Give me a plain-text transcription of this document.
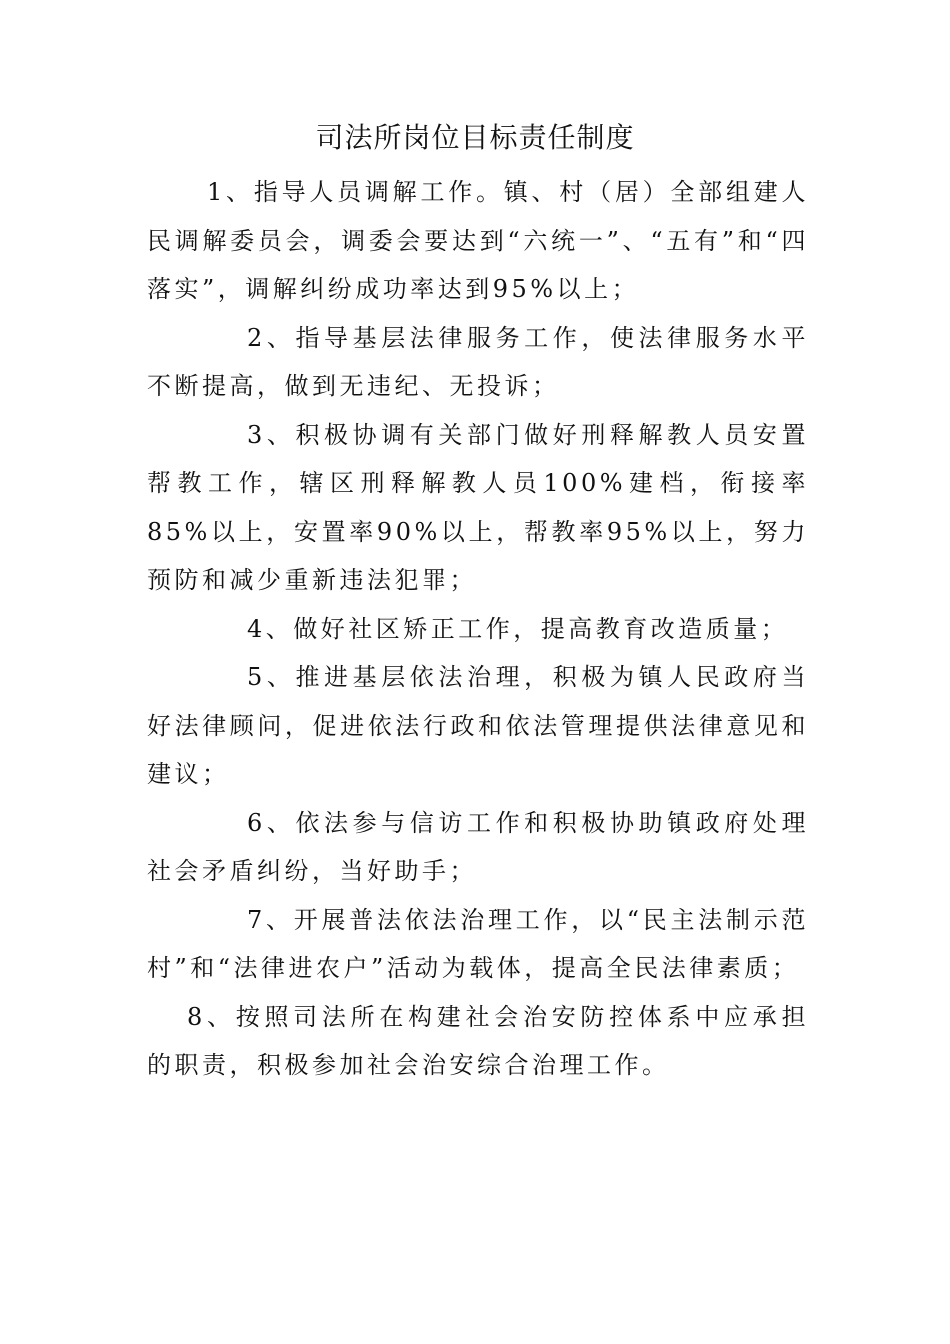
司法所岗位目标责任制度

1、指导人员调解工作。镇、村（居）全部组建人民调解委员会，调委会要达到“六统一”、“五有”和“四落实”，调解纠纷成功率达到95%以上；

2、指导基层法律服务工作，使法律服务水平不断提高，做到无违纪、无投诉；

3、积极协调有关部门做好刑释解教人员安置帮教工作，辖区刑释解教人员100%建档，衔接率85%以上，安置率90%以上，帮教率95%以上，努力预防和减少重新违法犯罪；

4、做好社区矫正工作，提高教育改造质量；

5、推进基层依法治理，积极为镇人民政府当好法律顾问，促进依法行政和依法管理提供法律意见和建议；

6、依法参与信访工作和积极协助镇政府处理社会矛盾纠纷，当好助手；

7、开展普法依法治理工作，以“民主法制示范村”和“法律进农户”活动为载体，提高全民法律素质；

8、按照司法所在构建社会治安防控体系中应承担的职责，积极参加社会治安综合治理工作。
